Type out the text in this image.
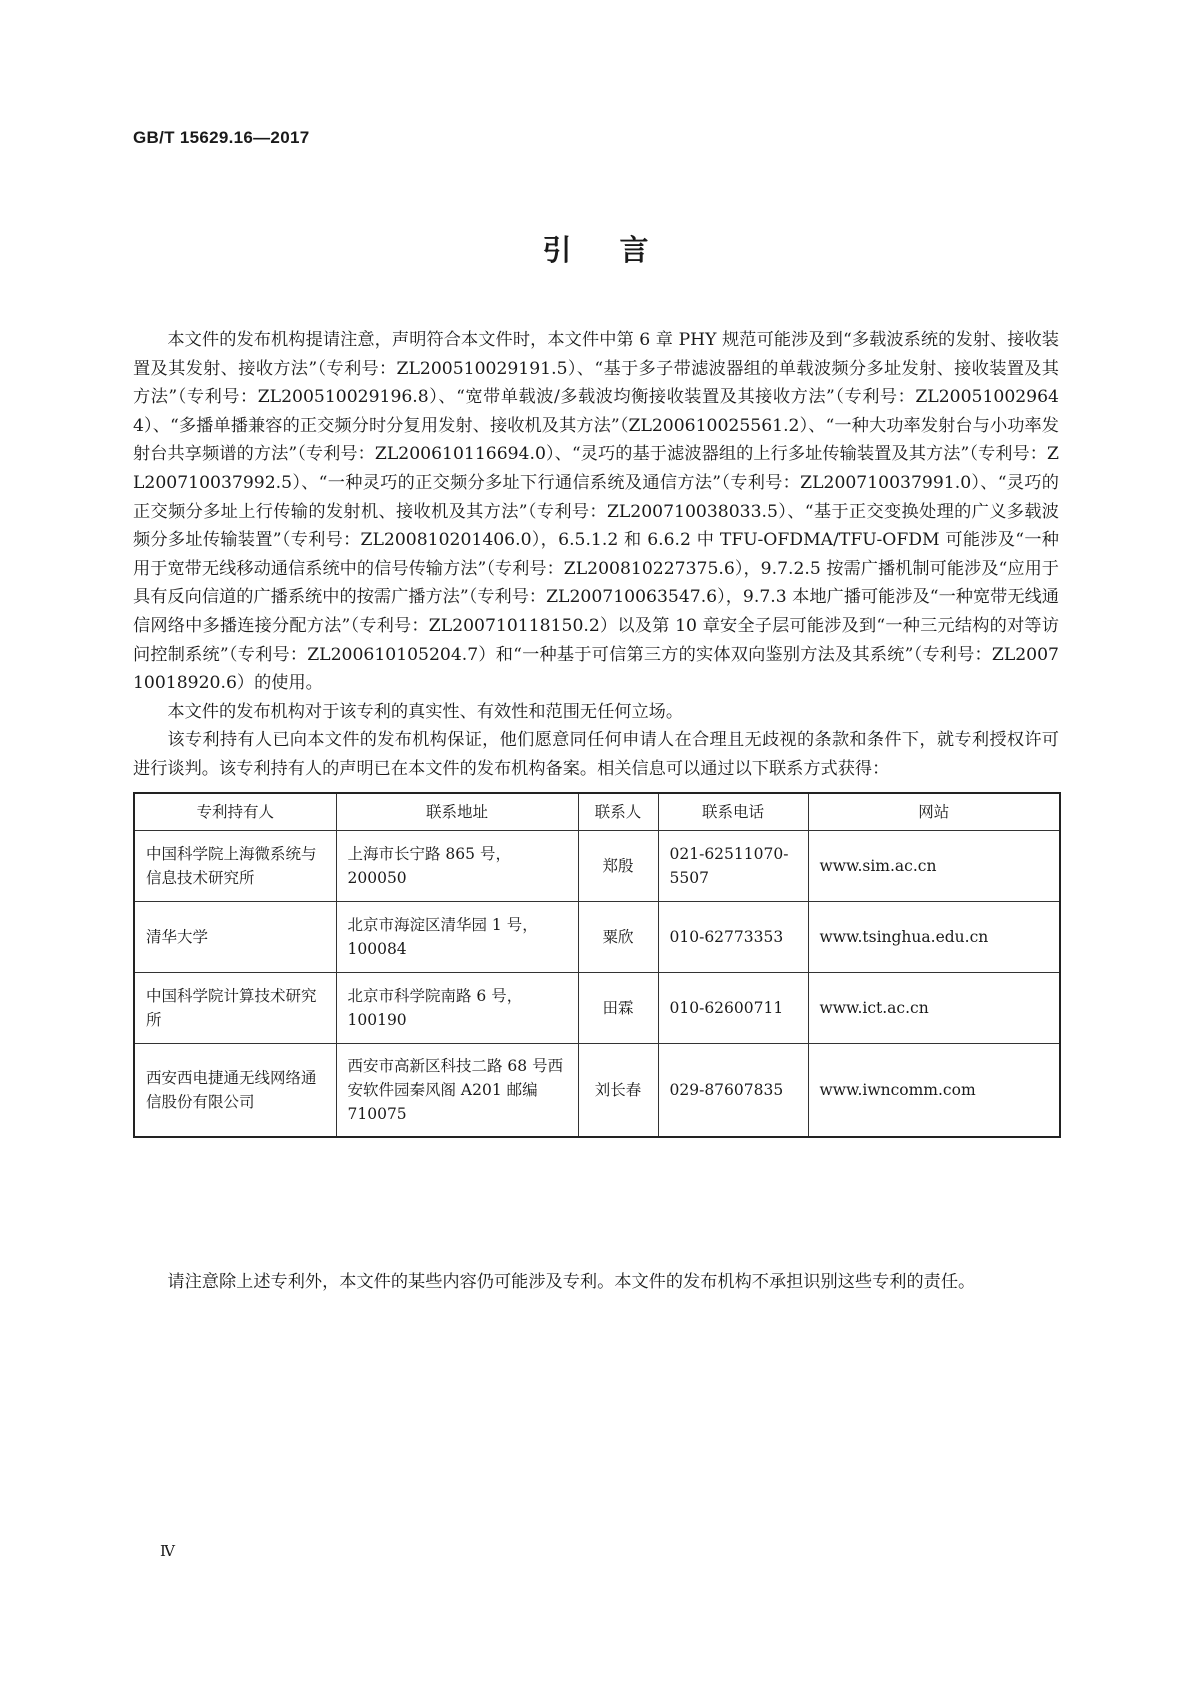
GB/T 15629.16—2017
引言

本文件的发布机构提请注意，声明符合本文件时，本文件中第 6 章 PHY 规范可能涉及到“多载波系统的发射、接收装置及其发射、接收方法”（专利号：ZL200510029191.5）、“基于多子带滤波器组的单载波频分多址发射、接收装置及其方法”（专利号：ZL200510029196.8）、“宽带单载波/多载波均衡接收装置及其接收方法”（专利号：ZL200510029644）、“多播单播兼容的正交频分时分复用发射、接收机及其方法”（ZL200610025561.2）、“一种大功率发射台与小功率发射台共享频谱的方法”（专利号：ZL200610116694.0）、“灵巧的基于滤波器组的上行多址传输装置及其方法”（专利号：ZL200710037992.5）、“一种灵巧的正交频分多址下行通信系统及通信方法”（专利号：ZL200710037991.0）、“灵巧的正交频分多址上行传输的发射机、接收机及其方法”（专利号：ZL200710038033.5）、“基于正交变换处理的广义多载波频分多址传输装置”（专利号：ZL200810201406.0），6.5.1.2 和 6.6.2 中 TFU-OFDMA/TFU-OFDM 可能涉及“一种用于宽带无线移动通信系统中的信号传输方法”（专利号：ZL200810227375.6），9.7.2.5 按需广播机制可能涉及“应用于具有反向信道的广播系统中的按需广播方法”（专利号：ZL200710063547.6），9.7.3 本地广播可能涉及“一种宽带无线通信网络中多播连接分配方法”（专利号：ZL200710118150.2）以及第 10 章安全子层可能涉及到“一种三元结构的对等访问控制系统”（专利号：ZL200610105204.7）和“一种基于可信第三方的实体双向鉴别方法及其系统”（专利号：ZL200710018920.6）的使用。

本文件的发布机构对于该专利的真实性、有效性和范围无任何立场。

该专利持有人已向本文件的发布机构保证，他们愿意同任何申请人在合理且无歧视的条款和条件下，就专利授权许可进行谈判。该专利持有人的声明已在本文件的发布机构备案。相关信息可以通过以下联系方式获得：

专利持有人	联系地址	联系人	联系电话	网站
中国科学院上海微系统与信息技术研究所	上海市长宁路 865 号，200050	郑殷	021-62511070-5507	www.sim.ac.cn
清华大学	北京市海淀区清华园 1 号，100084	粟欣	010-62773353	www.tsinghua.edu.cn
中国科学院计算技术研究所	北京市科学院南路 6 号，100190	田霖	010-62600711	www.ict.ac.cn
西安西电捷通无线网络通信股份有限公司	西安市高新区科技二路 68 号西安软件园秦风阁 A201 邮编 710075	刘长春	029-87607835	www.iwncomm.com

请注意除上述专利外，本文件的某些内容仍可能涉及专利。本文件的发布机构不承担识别这些专利的责任。

Ⅳ
